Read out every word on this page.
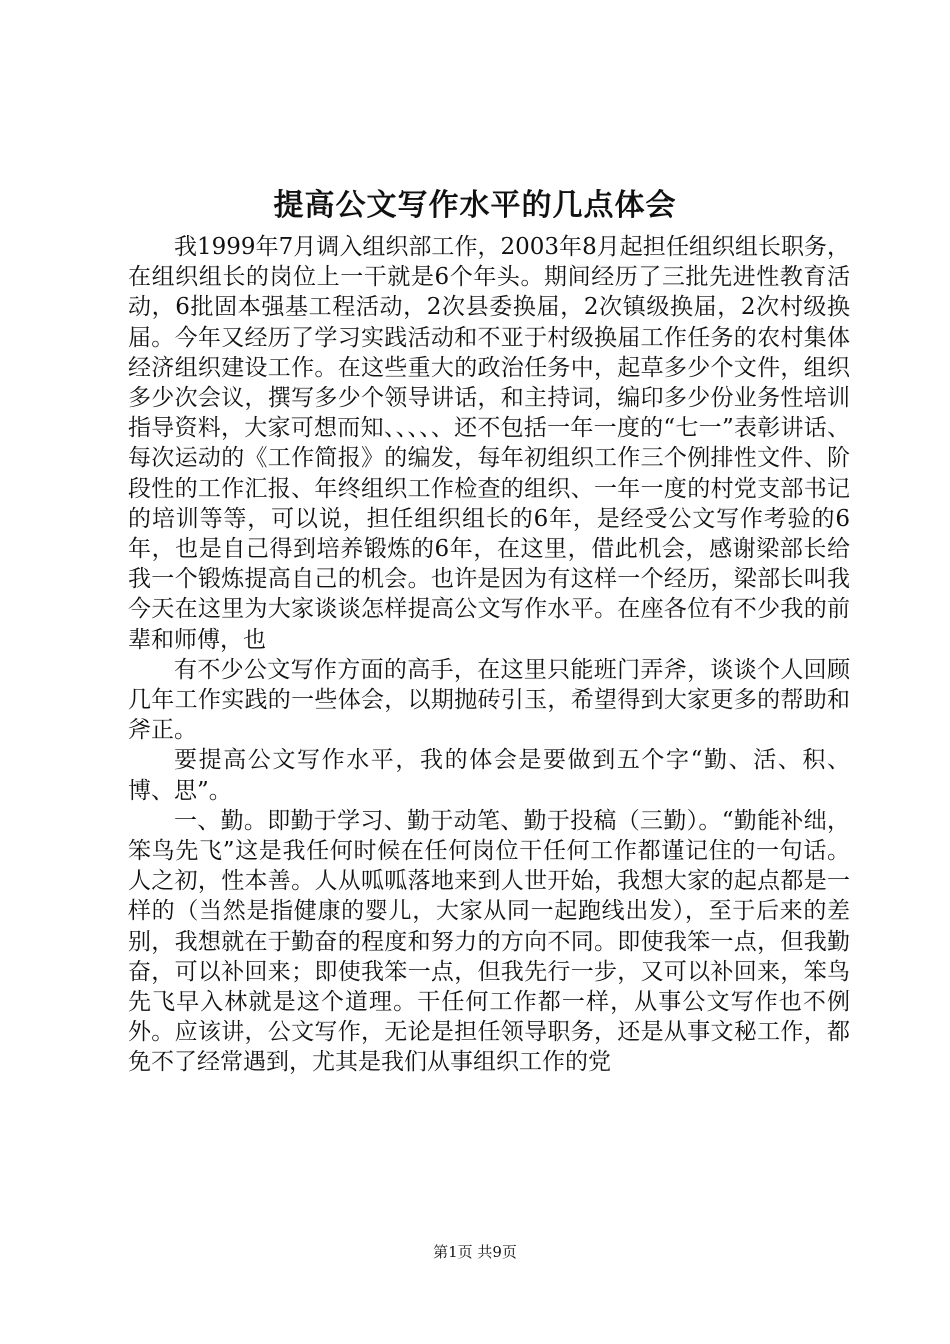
提高公文写作水平的几点体会

我1999年7月调入组织部工作，2003年8月起担任组织组长职务，在组织组长的岗位上一干就是6个年头。期间经历了三批先进性教育活动，6批固本强基工程活动，2次县委换届，2次镇级换届，2次村级换届。今年又经历了学习实践活动和不亚于村级换届工作任务的农村集体经济组织建设工作。在这些重大的政治任务中，起草多少个文件，组织多少次会议，撰写多少个领导讲话，和主持词，编印多少份业务性培训指导资料，大家可想而知、、、、、还不包括一年一度的“七一”表彰讲话、每次运动的《工作简报》的编发，每年初组织工作三个例排性文件、阶段性的工作汇报、年终组织工作检查的组织、一年一度的村党支部书记的培训等等，可以说，担任组织组长的6年，是经受公文写作考验的6年，也是自己得到培养锻炼的6年，在这里，借此机会，感谢梁部长给我一个锻炼提高自己的机会。也许是因为有这样一个经历，梁部长叫我今天在这里为大家谈谈怎样提高公文写作水平。在座各位有不少我的前辈和师傅，也

有不少公文写作方面的高手，在这里只能班门弄斧，谈谈个人回顾几年工作实践的一些体会，以期抛砖引玉，希望得到大家更多的帮助和斧正。

要提高公文写作水平，我的体会是要做到五个字“勤、活、积、博、思”。

一、勤。即勤于学习、勤于动笔、勤于投稿（三勤）。“勤能补绌，笨鸟先飞”这是我任何时候在任何岗位干任何工作都谨记住的一句话。人之初，性本善。人从呱呱落地来到人世开始，我想大家的起点都是一样的（当然是指健康的婴儿，大家从同一起跑线出发），至于后来的差别，我想就在于勤奋的程度和努力的方向不同。即使我笨一点，但我勤奋，可以补回来；即使我笨一点，但我先行一步，又可以补回来，笨鸟先飞早入林就是这个道理。干任何工作都一样，从事公文写作也不例外。应该讲，公文写作，无论是担任领导职务，还是从事文秘工作，都免不了经常遇到，尤其是我们从事组织工作的党

第1页 共9页
